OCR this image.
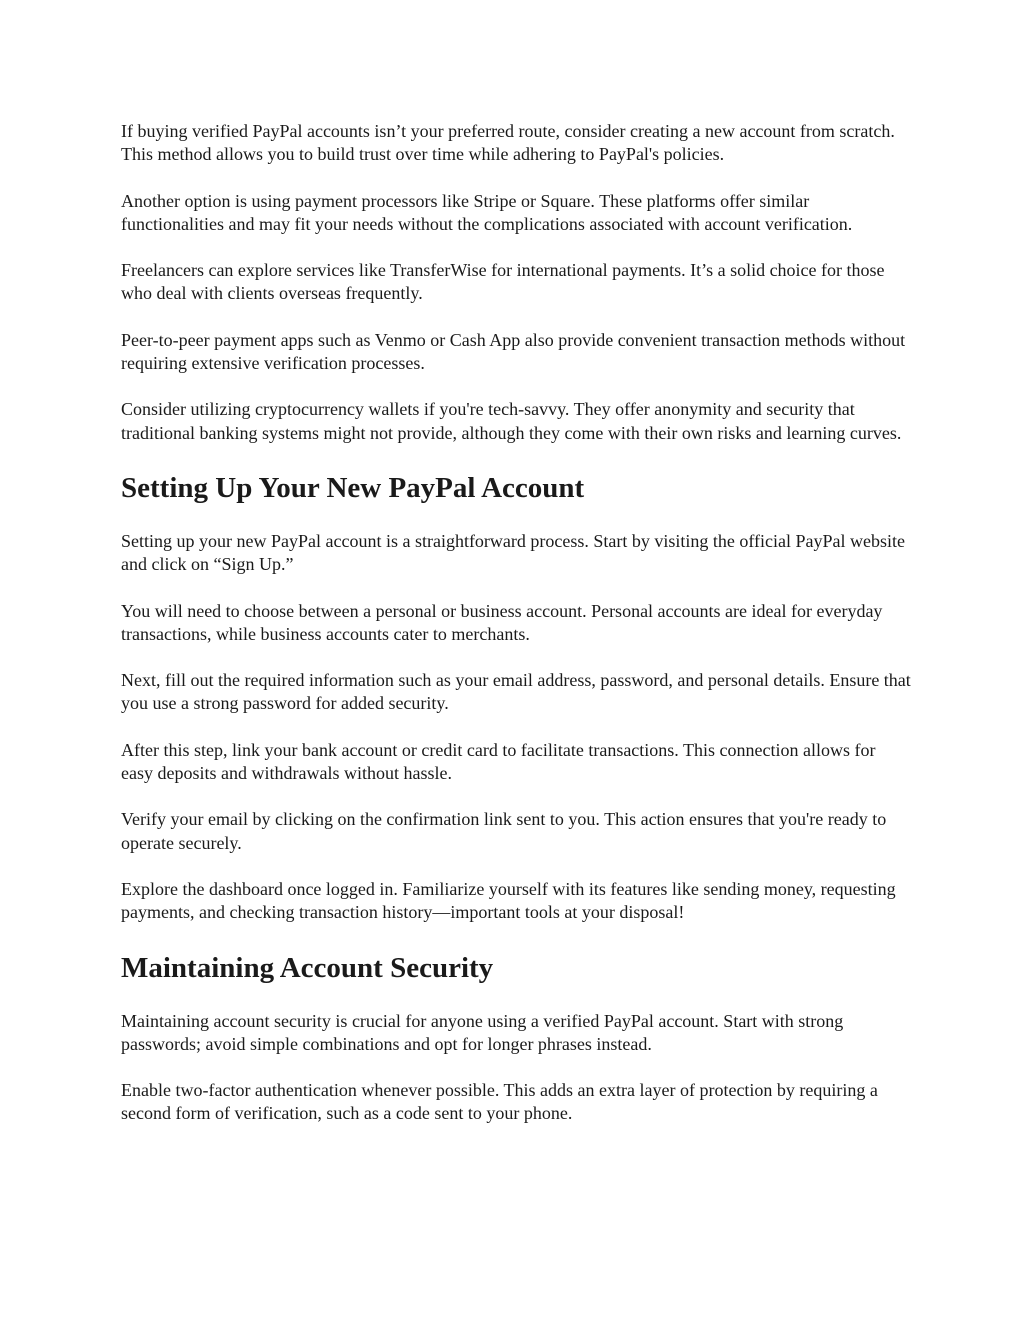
If buying verified PayPal accounts isn’t your preferred route, consider creating a new account from scratch. This method allows you to build trust over time while adhering to PayPal's policies.

Another option is using payment processors like Stripe or Square. These platforms offer similar functionalities and may fit your needs without the complications associated with account verification.

Freelancers can explore services like TransferWise for international payments. It’s a solid choice for those who deal with clients overseas frequently.

Peer-to-peer payment apps such as Venmo or Cash App also provide convenient transaction methods without requiring extensive verification processes.

Consider utilizing cryptocurrency wallets if you're tech-savvy. They offer anonymity and security that traditional banking systems might not provide, although they come with their own risks and learning curves.

Setting Up Your New PayPal Account

Setting up your new PayPal account is a straightforward process. Start by visiting the official PayPal website and click on “Sign Up.”

You will need to choose between a personal or business account. Personal accounts are ideal for everyday transactions, while business accounts cater to merchants.

Next, fill out the required information such as your email address, password, and personal details. Ensure that you use a strong password for added security.

After this step, link your bank account or credit card to facilitate transactions. This connection allows for easy deposits and withdrawals without hassle.

Verify your email by clicking on the confirmation link sent to you. This action ensures that you're ready to operate securely.

Explore the dashboard once logged in. Familiarize yourself with its features like sending money, requesting payments, and checking transaction history—important tools at your disposal!

Maintaining Account Security

Maintaining account security is crucial for anyone using a verified PayPal account. Start with strong passwords; avoid simple combinations and opt for longer phrases instead.

Enable two-factor authentication whenever possible. This adds an extra layer of protection by requiring a second form of verification, such as a code sent to your phone.
